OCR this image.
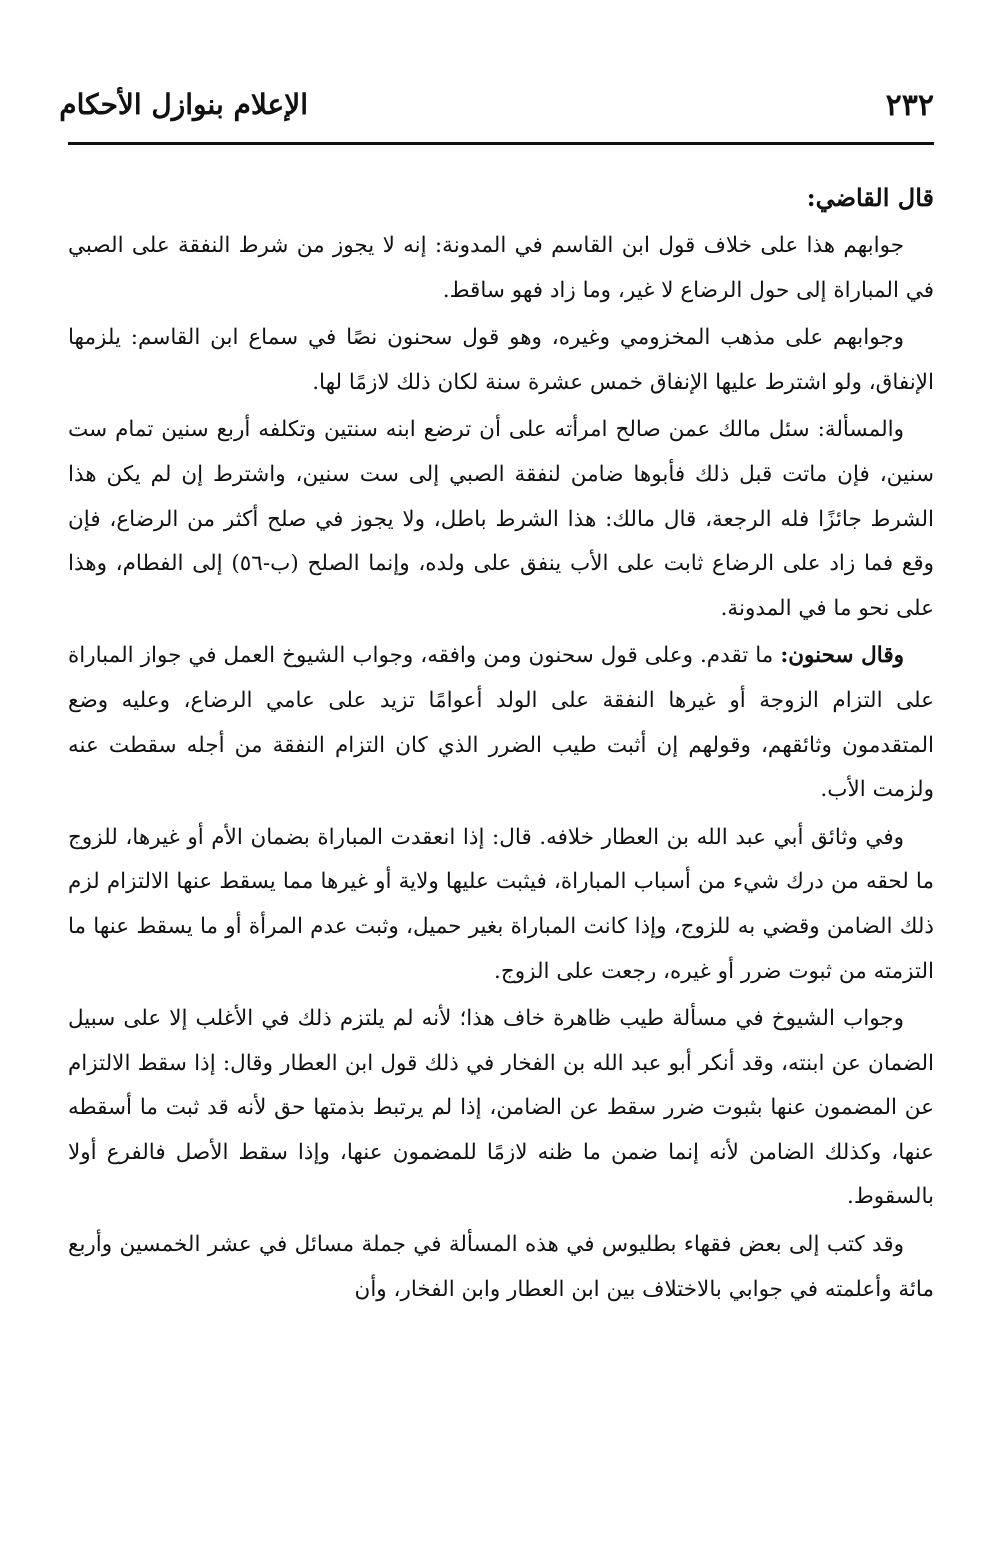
الإعلام بنوازل الأحكام	٢٣٢
قال القاضي:

جوابهم هذا على خلاف قول ابن القاسم في المدونة: إنه لا يجوز من شرط النفقة على الصبي في المباراة إلى حول الرضاع لا غير، وما زاد فهو ساقط.

وجوابهم على مذهب المخزومي وغيره، وهو قول سحنون نصًا في سماع ابن القاسم: يلزمها الإنفاق، ولو اشترط عليها الإنفاق خمس عشرة سنة لكان ذلك لازمًا لها.

والمسألة: سئل مالك عمن صالح امرأته على أن ترضع ابنه سنتين وتكلفه أربع سنين تمام ست سنين، فإن ماتت قبل ذلك فأبوها ضامن لنفقة الصبي إلى ست سنين، واشترط إن لم يكن هذا الشرط جائزًا فله الرجعة، قال مالك: هذا الشرط باطل، ولا يجوز في صلح أكثر من الرضاع، فإن وقع فما زاد على الرضاع ثابت على الأب ينفق على ولده، وإنما الصلح (ب-٥٦) إلى الفطام، وهذا على نحو ما في المدونة.

وقال سحنون: ما تقدم. وعلى قول سحنون ومن وافقه، وجواب الشيوخ العمل في جواز المباراة على التزام الزوجة أو غيرها النفقة على الولد أعوامًا تزيد على عامي الرضاع، وعليه وضع المتقدمون وثائقهم، وقولهم إن أثبت طيب الضرر الذي كان التزام النفقة من أجله سقطت عنه ولزمت الأب.

وفي وثائق أبي عبد الله بن العطار خلافه. قال: إذا انعقدت المباراة بضمان الأم أو غيرها، للزوج ما لحقه من درك شيء من أسباب المباراة، فيثبت عليها ولاية أو غيرها مما يسقط عنها الالتزام لزم ذلك الضامن وقضي به للزوج، وإذا كانت المباراة بغير حميل، وثبت عدم المرأة أو ما يسقط عنها ما التزمته من ثبوت ضرر أو غيره، رجعت على الزوج.

وجواب الشيوخ في مسألة طيب ظاهرة خاف هذا؛ لأنه لم يلتزم ذلك في الأغلب إلا على سبيل الضمان عن ابنته، وقد أنكر أبو عبد الله بن الفخار في ذلك قول ابن العطار وقال: إذا سقط الالتزام عن المضمون عنها بثبوت ضرر سقط عن الضامن، إذا لم يرتبط بذمتها حق لأنه قد ثبت ما أسقطه عنها، وكذلك الضامن لأنه إنما ضمن ما ظنه لازمًا للمضمون عنها، وإذا سقط الأصل فالفرع أولا بالسقوط.

وقد كتب إلى بعض فقهاء بطليوس في هذه المسألة في جملة مسائل في عشر الخمسين وأربع مائة وأعلمته في جوابي بالاختلاف بين ابن العطار وابن الفخار، وأن
